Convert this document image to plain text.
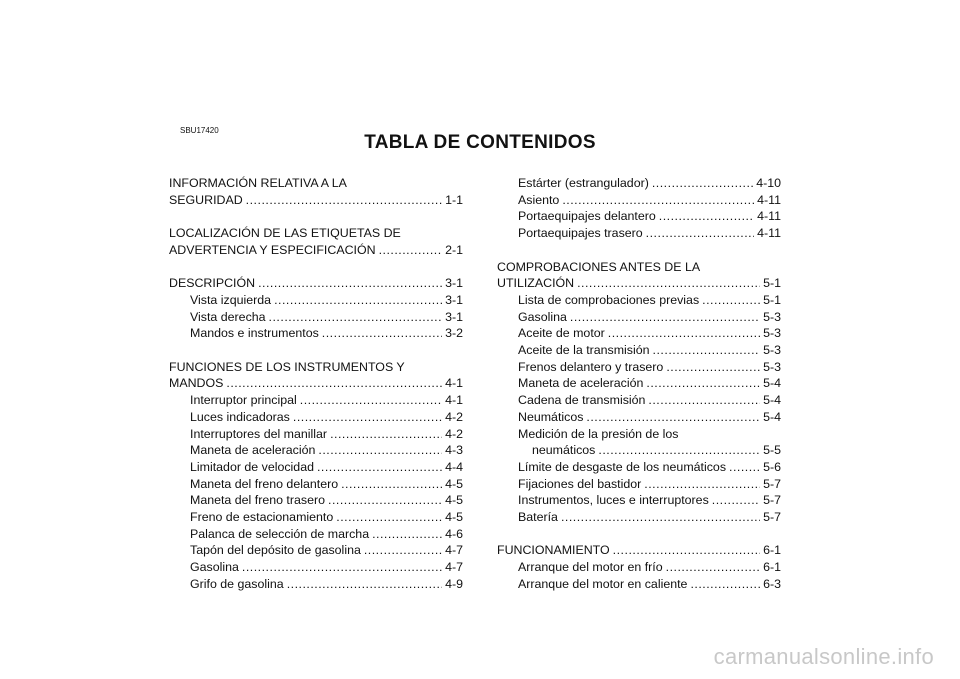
SBU17420
TABLA DE CONTENIDOS
INFORMACIÓN RELATIVA A LA
SEGURIDAD .....	1-1
LOCALIZACIÓN DE LAS ETIQUETAS DE
ADVERTENCIA Y ESPECIFICACIÓN .....	2-1
DESCRIPCIÓN .....	3-1
Vista izquierda .....	3-1
Vista derecha .....	3-1
Mandos e instrumentos .....	3-2
FUNCIONES DE LOS INSTRUMENTOS Y
MANDOS .....	4-1
Interruptor principal .....	4-1
Luces indicadoras .....	4-2
Interruptores del manillar .....	4-2
Maneta de aceleración .....	4-3
Limitador de velocidad .....	4-4
Maneta del freno delantero .....	4-5
Maneta del freno trasero .....	4-5
Freno de estacionamiento .....	4-5
Palanca de selección de marcha .....	4-6
Tapón del depósito de gasolina .....	4-7
Gasolina .....	4-7
Grifo de gasolina .....	4-9
Estárter (estrangulador) .....	4-10
Asiento .....	4-11
Portaequipajes delantero .....	4-11
Portaequipajes trasero .....	4-11
COMPROBACIONES ANTES DE LA
UTILIZACIÓN .....	5-1
Lista de comprobaciones previas .....	5-1
Gasolina .....	5-3
Aceite de motor .....	5-3
Aceite de la transmisión .....	5-3
Frenos delantero y trasero .....	5-3
Maneta de aceleración .....	5-4
Cadena de transmisión .....	5-4
Neumáticos .....	5-4
Medición de la presión de los
neumáticos .....	5-5
Límite de desgaste de los neumáticos .....	5-6
Fijaciones del bastidor .....	5-7
Instrumentos, luces e interruptores .....	5-7
Batería .....	5-7
FUNCIONAMIENTO .....	6-1
Arranque del motor en frío .....	6-1
Arranque del motor en caliente .....	6-3
carmanualsonline.info
